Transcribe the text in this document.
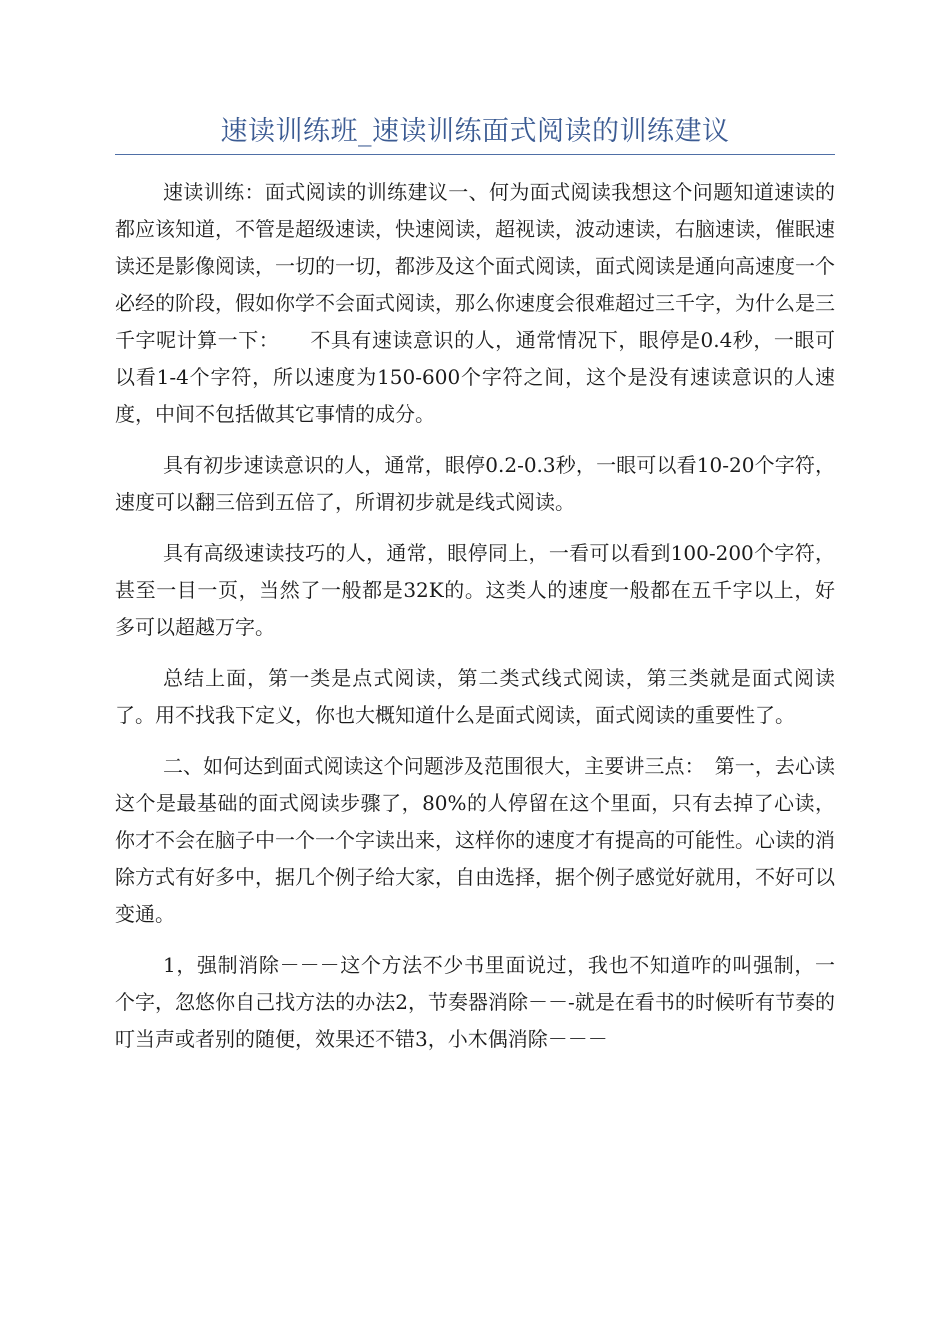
速读训练班_速读训练面式阅读的训练建议

速读训练：面式阅读的训练建议一、何为面式阅读我想这个问题知道速读的都应该知道，不管是超级速读，快速阅读，超视读，波动速读，右脑速读，催眠速读还是影像阅读，一切的一切，都涉及这个面式阅读，面式阅读是通向高速度一个必经的阶段，假如你学不会面式阅读，那么你速度会很难超过三千字，为什么是三千字呢计算一下：　　不具有速读意识的人，通常情况下，眼停是0.4秒，一眼可以看1-4个字符，所以速度为150-600个字符之间，这个是没有速读意识的人速度，中间不包括做其它事情的成分。

具有初步速读意识的人，通常，眼停0.2-0.3秒，一眼可以看10-20个字符，速度可以翻三倍到五倍了，所谓初步就是线式阅读。

具有高级速读技巧的人，通常，眼停同上，一看可以看到100-200个字符，甚至一目一页，当然了一般都是32K的。这类人的速度一般都在五千字以上，好多可以超越万字。

总结上面，第一类是点式阅读，第二类式线式阅读，第三类就是面式阅读了。用不找我下定义，你也大概知道什么是面式阅读，面式阅读的重要性了。

二、如何达到面式阅读这个问题涉及范围很大，主要讲三点：　第一，去心读这个是最基础的面式阅读步骤了，80%的人停留在这个里面，只有去掉了心读，你才不会在脑子中一个一个字读出来，这样你的速度才有提高的可能性。心读的消除方式有好多中，据几个例子给大家，自由选择，据个例子感觉好就用，不好可以变通。

1，强制消除－－－这个方法不少书里面说过，我也不知道咋的叫强制，一个字，忽悠你自己找方法的办法2，节奏器消除－－-就是在看书的时候听有节奏的叮当声或者别的随便，效果还不错3，小木偶消除－－－
